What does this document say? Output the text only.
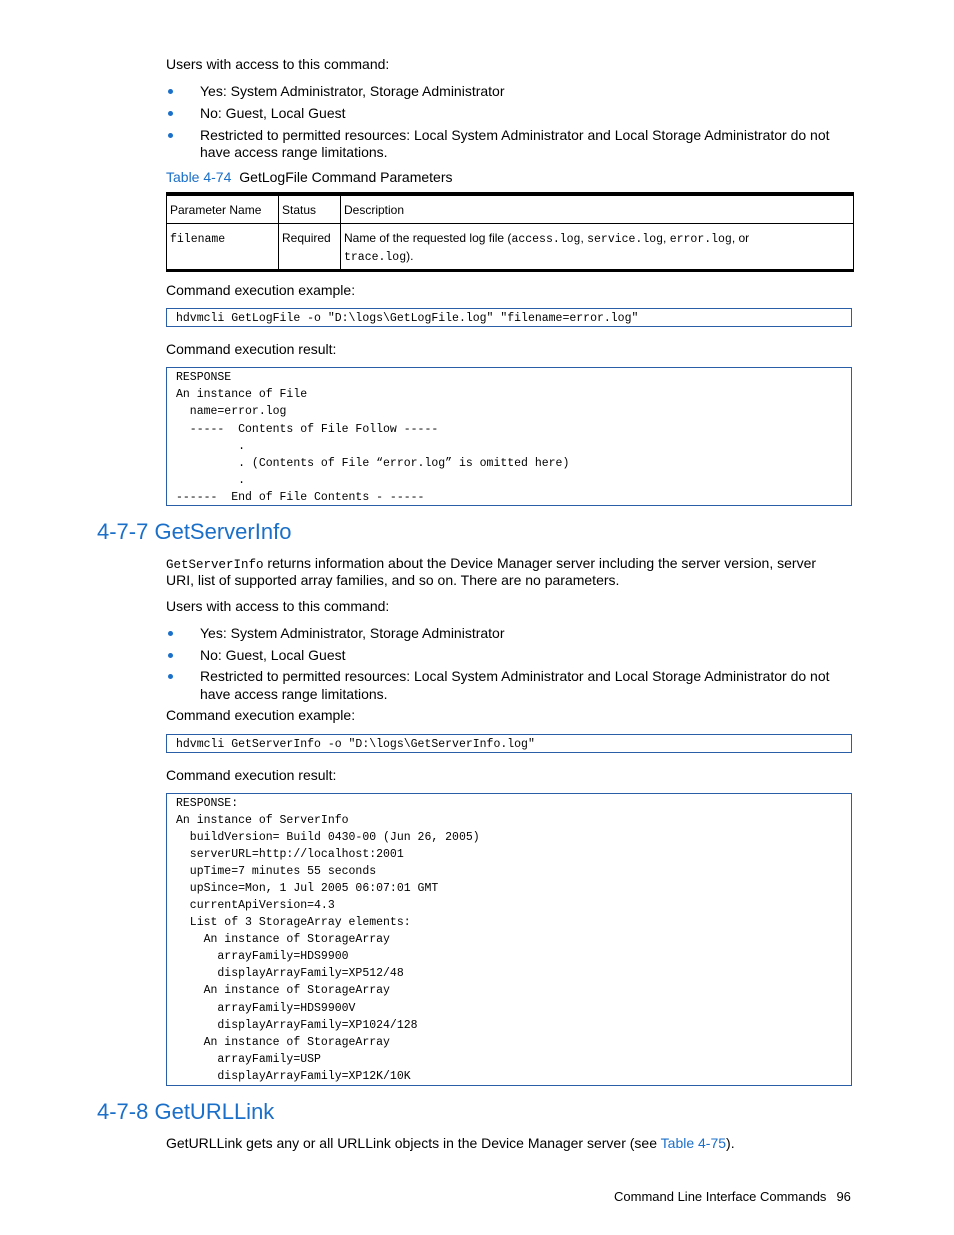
Users with access to this command:
Yes: System Administrator, Storage Administrator
No: Guest, Local Guest
Restricted to permitted resources: Local System Administrator and Local Storage Administrator do not
have access range limitations.
Table 4-74 GetLogFile Command Parameters
Parameter Name	Status	Description
filename	Required	Name of the requested log file (access.log, service.log, error.log, or
trace.log).
Command execution example:
hdvmcli GetLogFile -o "D:\logs\GetLogFile.log" "filename=error.log"
Command execution result:
RESPONSE
An instance of File
name=error.log
-----  Contents of File Follow -----
.
. (Contents of File “error.log” is omitted here)
.
------  End of File Contents - -----
4-7-7 GetServerInfo
GetServerInfo returns information about the Device Manager server including the server version, server
URI, list of supported array families, and so on. There are no parameters.
Users with access to this command:
Yes: System Administrator, Storage Administrator
No: Guest, Local Guest
Restricted to permitted resources: Local System Administrator and Local Storage Administrator do not
have access range limitations.
Command execution example:
hdvmcli GetServerInfo -o "D:\logs\GetServerInfo.log"
Command execution result:
RESPONSE:
An instance of ServerInfo
buildVersion= Build 0430-00 (Jun 26, 2005)
serverURL=http://localhost:2001
upTime=7 minutes 55 seconds
upSince=Mon, 1 Jul 2005 06:07:01 GMT
currentApiVersion=4.3
List of 3 StorageArray elements:
An instance of StorageArray
arrayFamily=HDS9900
displayArrayFamily=XP512/48
An instance of StorageArray
arrayFamily=HDS9900V
displayArrayFamily=XP1024/128
An instance of StorageArray
arrayFamily=USP
displayArrayFamily=XP12K/10K
4-7-8 GetURLLink
GetURLLink gets any or all URLLink objects in the Device Manager server (see Table 4-75).
Command Line Interface Commands 96
